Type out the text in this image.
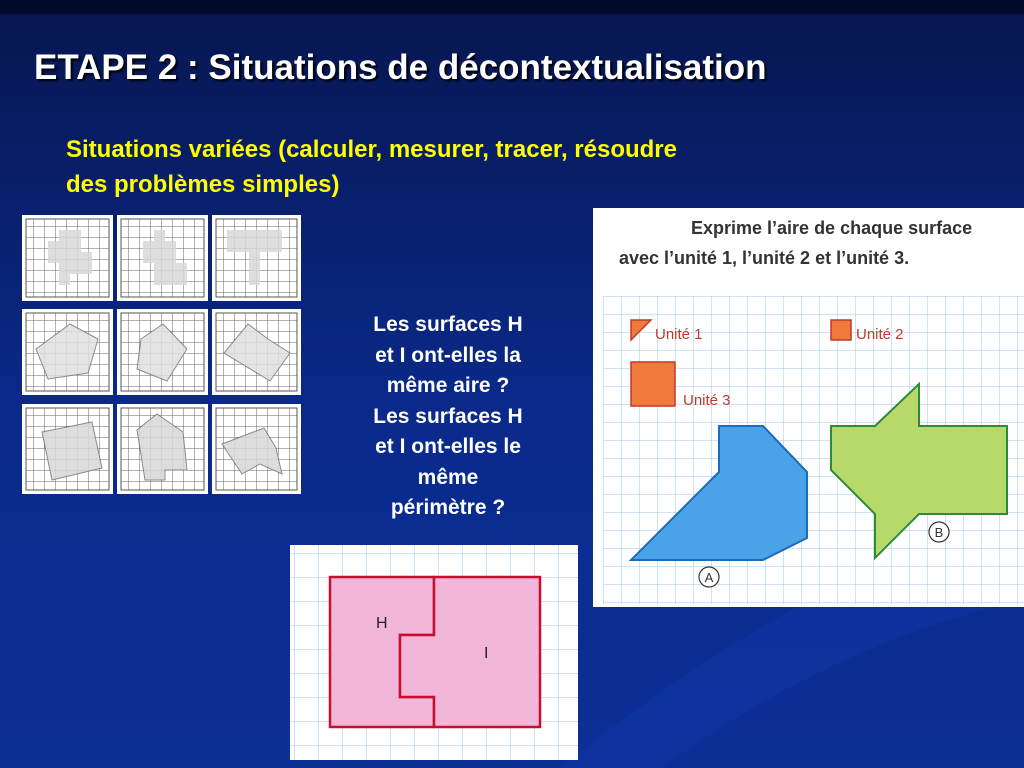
ETAPE 2 : Situations de décontextualisation
Situations variées (calculer, mesurer, tracer, résoudre
des problèmes simples)
Les surfaces H
et I ont-elles la
même aire ?
Les surfaces H
et I ont-elles le
même
périmètre ?
Exprime l’aire de chaque surface
avec l’unité 1, l’unité 2 et l’unité 3.
Unité 1	Unité 2
Unité 3
A
B
H
I
